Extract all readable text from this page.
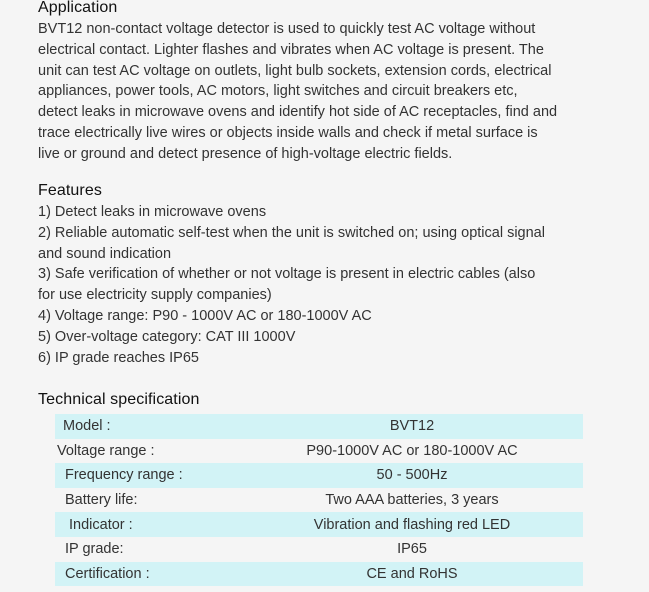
Application
BVT12 non-contact voltage detector is used to quickly test AC voltage without
electrical contact. Lighter flashes and vibrates when AC voltage is present. The
unit can test AC voltage on outlets, light bulb sockets, extension cords, electrical
appliances, power tools, AC motors, light switches and circuit breakers etc,
detect leaks in microwave ovens and identify hot side of AC receptacles, find and
trace electrically live wires or objects inside walls and check if metal surface is
live or ground and detect presence of high-voltage electric fields.
Features
1) Detect leaks in microwave ovens
2) Reliable automatic self-test when the unit is switched on; using optical signal
and sound indication
3) Safe verification of whether or not voltage is present in electric cables (also
for use electricity supply companies)
4) Voltage range: P90 - 1000V AC or 180-1000V AC
5) Over-voltage category: CAT III 1000V
6) IP grade reaches IP65
Technical specification
Model :	BVT12
Voltage range :	P90-1000V AC or 180-1000V AC
Frequency range :	50 - 500Hz
Battery life:	Two AAA batteries, 3 years
Indicator :	Vibration and flashing red LED
IP grade:	IP65
Certification :	CE and RoHS
